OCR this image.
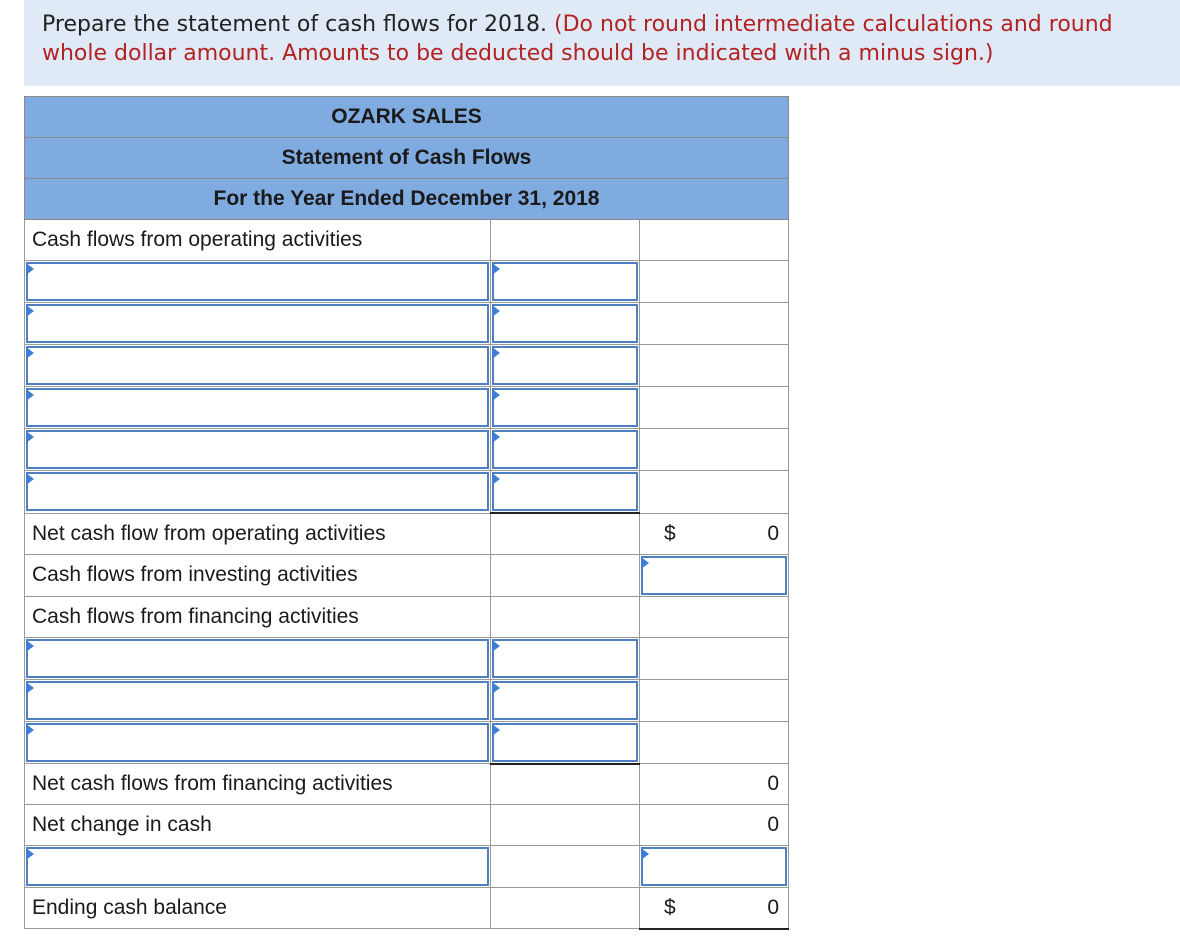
Prepare the statement of cash flows for 2018. (Do not round intermediate calculations and round
whole dollar amount. Amounts to be deducted should be indicated with a minus sign.)
OZARK SALES		
Statement of Cash Flows		
For the Year Ended December 31, 2018		
Cash flows from operating activities		

Net cash flow from operating activities		$ 0

Cash flows from investing activities		

Cash flows from financing activities		

Net cash flows from financing activities		0
Net change in cash		0

Ending cash balance		$ 0
